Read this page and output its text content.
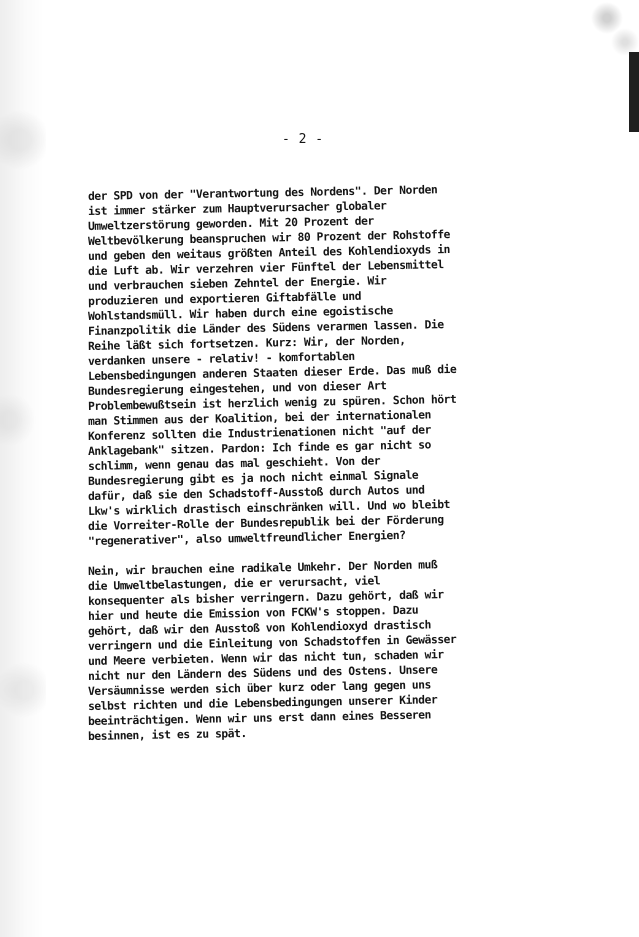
- 2 -
der SPD von der "Verantwortung des Nordens". Der Norden
ist immer stärker zum Hauptverursacher globaler
Umweltzerstörung geworden. Mit 20 Prozent der
Weltbevölkerung beanspruchen wir 80 Prozent der Rohstoffe
und geben den weitaus größten Anteil des Kohlendioxyds in
die Luft ab. Wir verzehren vier Fünftel der Lebensmittel
und verbrauchen sieben Zehntel der Energie. Wir
produzieren und exportieren Giftabfälle und
Wohlstandsmüll. Wir haben durch eine egoistische
Finanzpolitik die Länder des Südens verarmen lassen. Die
Reihe läßt sich fortsetzen. Kurz: Wir, der Norden,
verdanken unsere - relativ! - komfortablen
Lebensbedingungen anderen Staaten dieser Erde. Das muß die
Bundesregierung eingestehen, und von dieser Art
Problembewußtsein ist herzlich wenig zu spüren. Schon hört
man Stimmen aus der Koalition, bei der internationalen
Konferenz sollten die Industrienationen nicht "auf der
Anklagebank" sitzen. Pardon: Ich finde es gar nicht so
schlimm, wenn genau das mal geschieht. Von der
Bundesregierung gibt es ja noch nicht einmal Signale
dafür, daß sie den Schadstoff-Ausstoß durch Autos und
Lkw's wirklich drastisch einschränken will. Und wo bleibt
die Vorreiter-Rolle der Bundesrepublik bei der Förderung
"regenerativer", also umweltfreundlicher Energien?
Nein, wir brauchen eine radikale Umkehr. Der Norden muß
die Umweltbelastungen, die er verursacht, viel
konsequenter als bisher verringern. Dazu gehört, daß wir
hier und heute die Emission von FCKW's stoppen. Dazu
gehört, daß wir den Ausstoß von Kohlendioxyd drastisch
verringern und die Einleitung von Schadstoffen in Gewässer
und Meere verbieten. Wenn wir das nicht tun, schaden wir
nicht nur den Ländern des Südens und des Ostens. Unsere
Versäumnisse werden sich über kurz oder lang gegen uns
selbst richten und die Lebensbedingungen unserer Kinder
beeinträchtigen. Wenn wir uns erst dann eines Besseren
besinnen, ist es zu spät.
